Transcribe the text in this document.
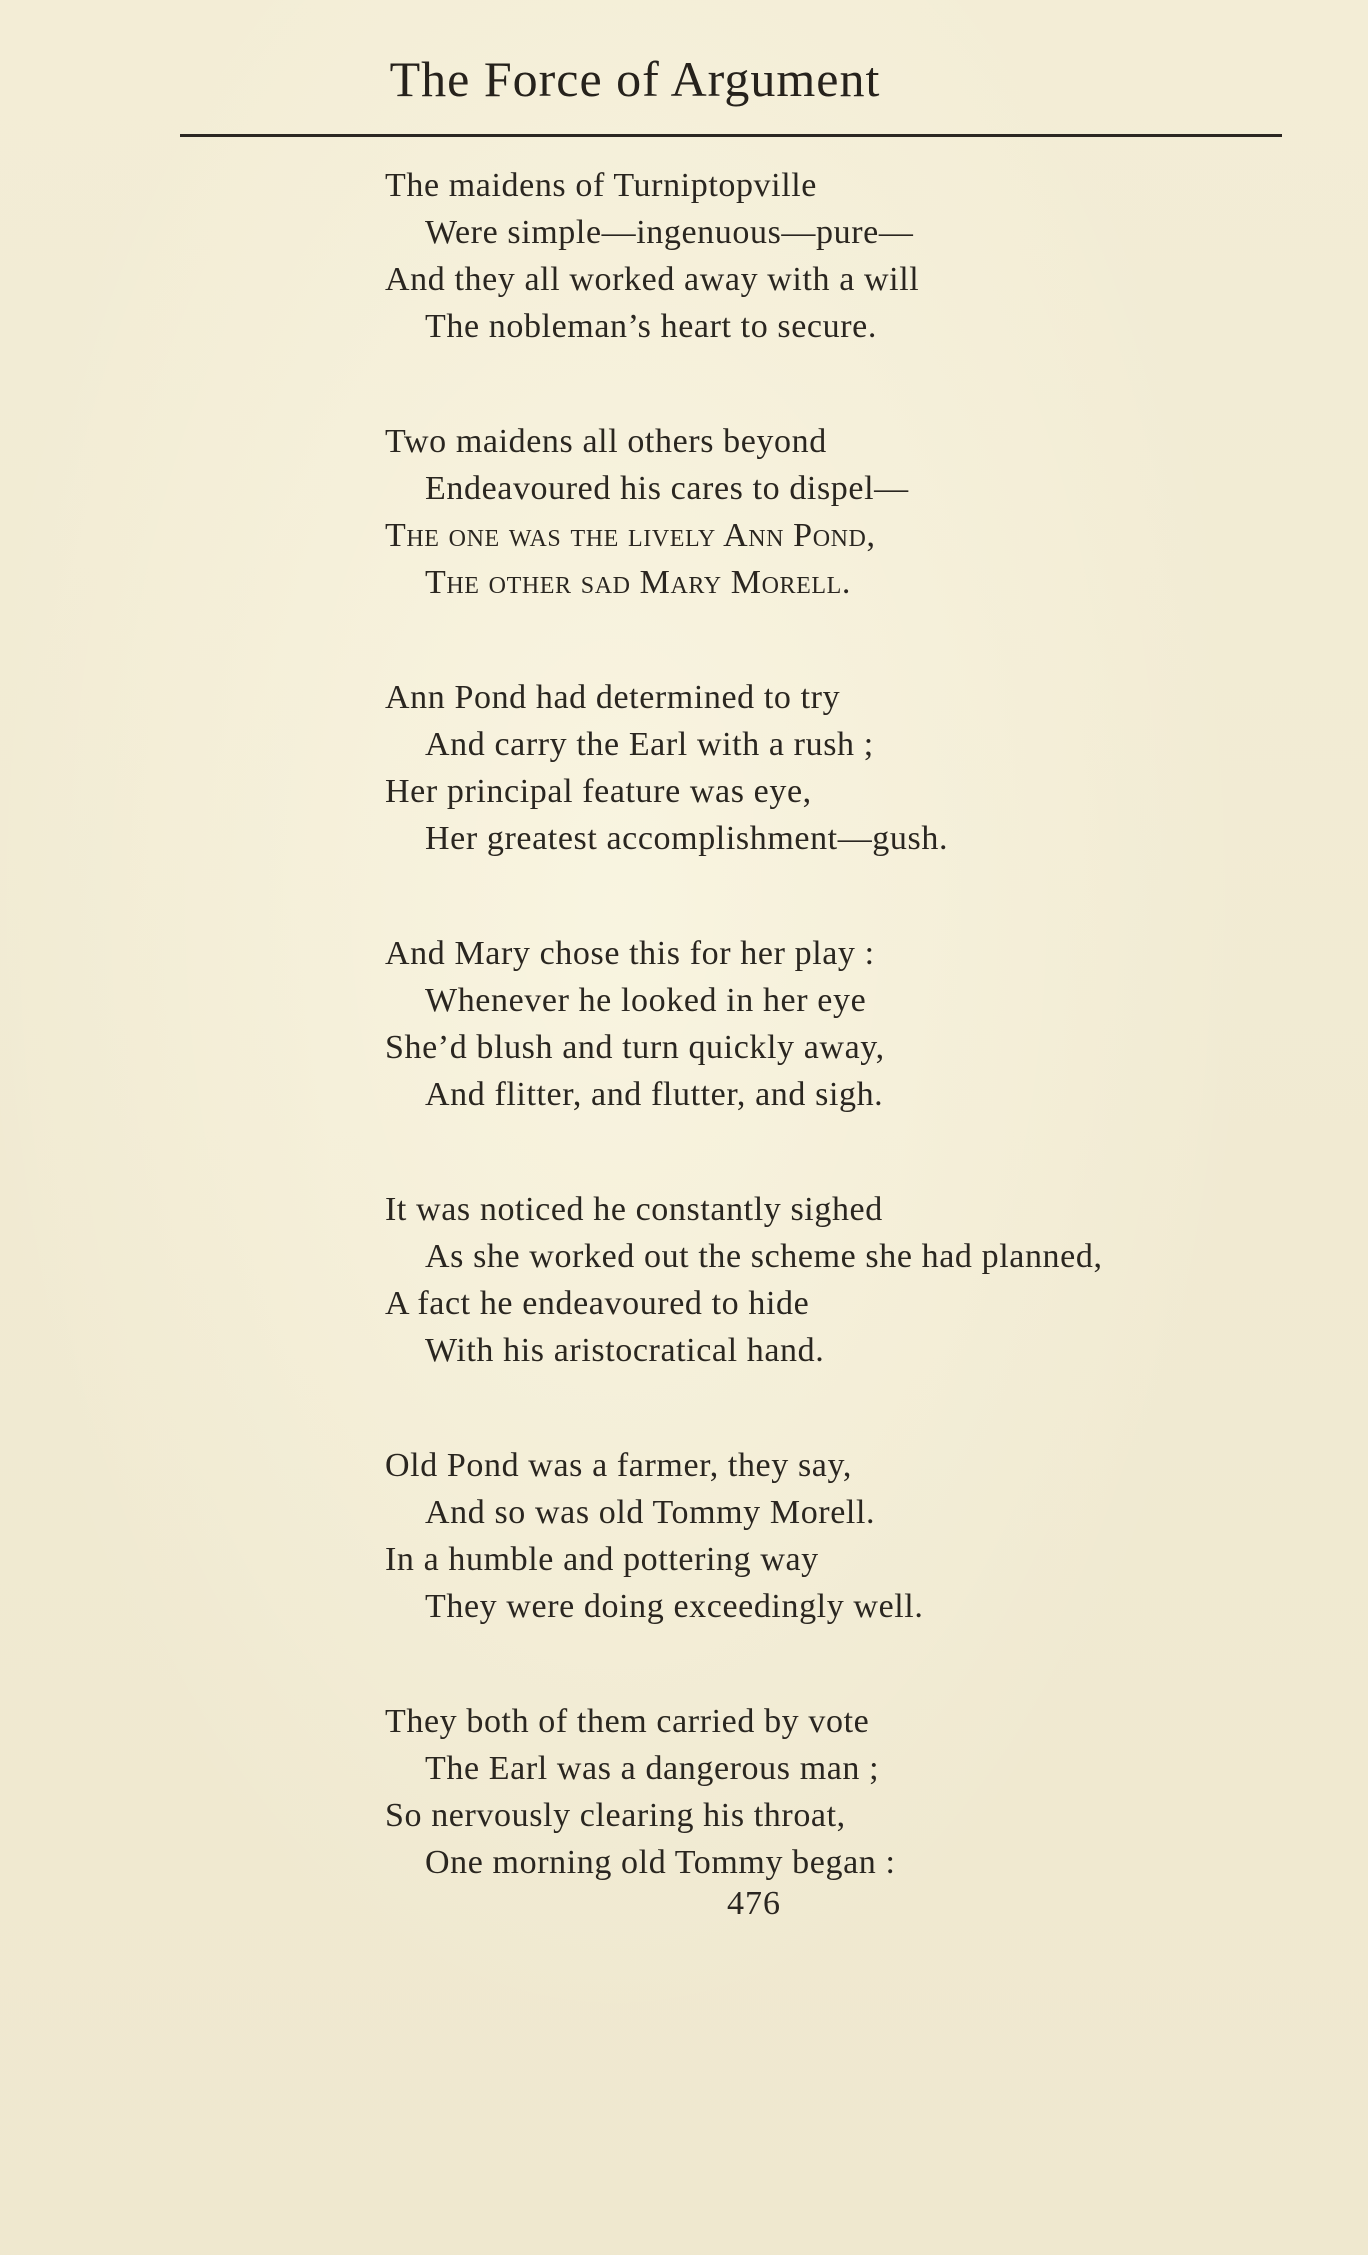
The Force of Argument
The maidens of Turniptopville
Were simple—ingenuous—pure—
And they all worked away with a will
The nobleman’s heart to secure.
Two maidens all others beyond
Endeavoured his cares to dispel—
The one was the lively Ann Pond,
The other sad Mary Morell.
Ann Pond had determined to try
And carry the Earl with a rush ;
Her principal feature was eye,
Her greatest accomplishment—gush.
And Mary chose this for her play :
Whenever he looked in her eye
She’d blush and turn quickly away,
And flitter, and flutter, and sigh.
It was noticed he constantly sighed
As she worked out the scheme she had planned,
A fact he endeavoured to hide
With his aristocratical hand.
Old Pond was a farmer, they say,
And so was old Tommy Morell.
In a humble and pottering way
They were doing exceedingly well.
They both of them carried by vote
The Earl was a dangerous man ;
So nervously clearing his throat,
One morning old Tommy began :
476
